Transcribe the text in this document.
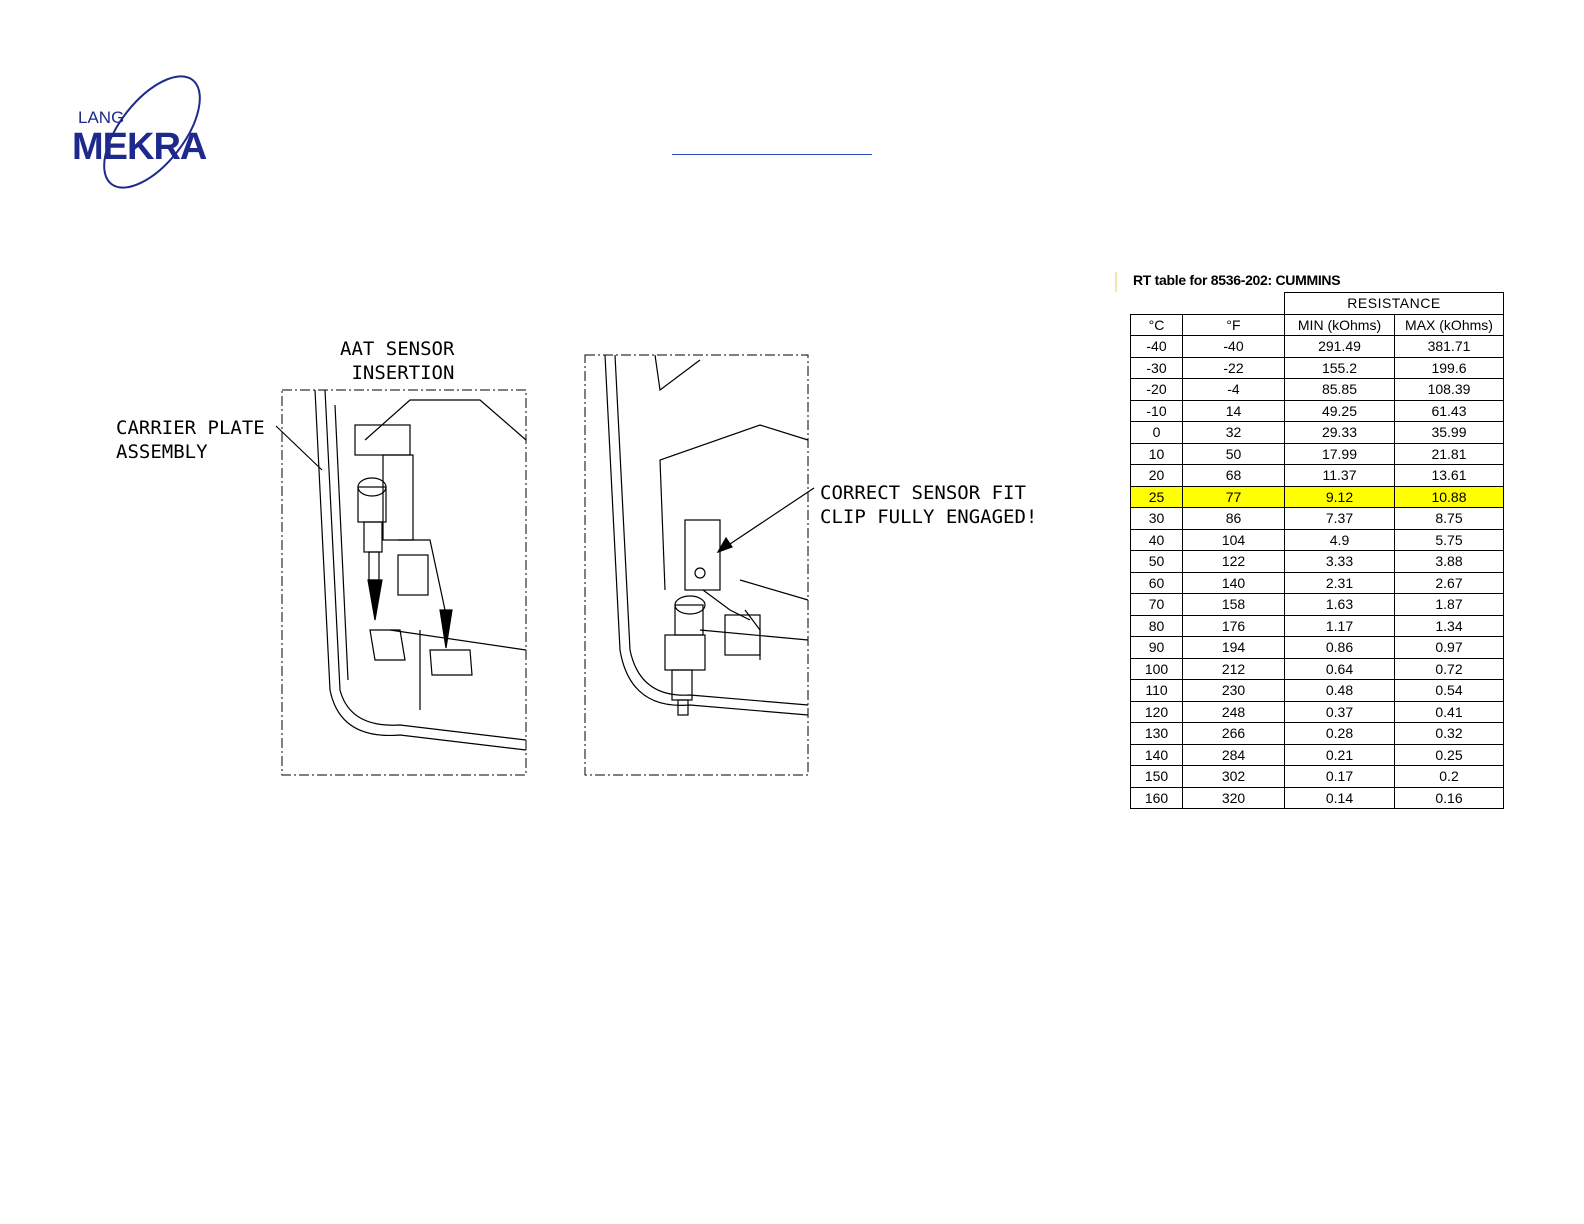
LANG
MEKRA
CARRIER PLATE
ASSEMBLY
AAT SENSOR
INSERTION
CORRECT SENSOR FIT
CLIP FULLY ENGAGED!
RT table for 8536-202: CUMMINS
		RESISTANCE	
°C	°F	MIN (kOhms)	MAX (kOhms)
-40	-40	291.49	381.71
-30	-22	155.2	199.6
-20	-4	85.85	108.39
-10	14	49.25	61.43
0	32	29.33	35.99
10	50	17.99	21.81
20	68	11.37	13.61
25	77	9.12	10.88
30	86	7.37	8.75
40	104	4.9	5.75
50	122	3.33	3.88
60	140	2.31	2.67
70	158	1.63	1.87
80	176	1.17	1.34
90	194	0.86	0.97
100	212	0.64	0.72
110	230	0.48	0.54
120	248	0.37	0.41
130	266	0.28	0.32
140	284	0.21	0.25
150	302	0.17	0.2
160	320	0.14	0.16
